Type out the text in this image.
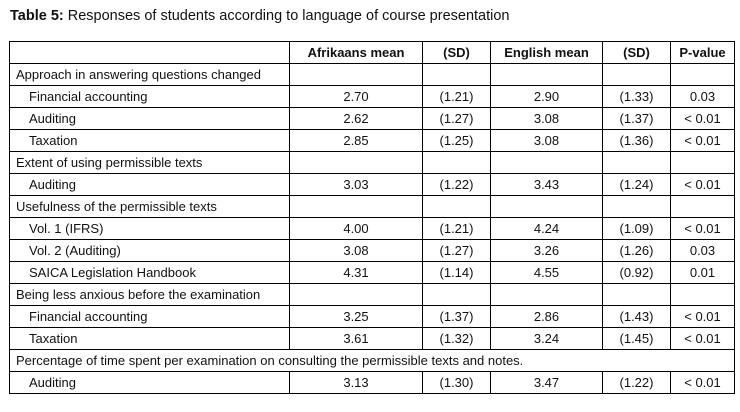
Table 5: Responses of students according to language of course presentation
	Afrikaans mean	(SD)	English mean	(SD)	P-value
Approach in answering questions changed					
Financial accounting	2.70	(1.21)	2.90	(1.33)	0.03
Auditing	2.62	(1.27)	3.08	(1.37)	< 0.01
Taxation	2.85	(1.25)	3.08	(1.36)	< 0.01
Extent of using permissible texts					
Auditing	3.03	(1.22)	3.43	(1.24)	< 0.01
Usefulness of the permissible texts					
Vol. 1 (IFRS)	4.00	(1.21)	4.24	(1.09)	< 0.01
Vol. 2 (Auditing)	3.08	(1.27)	3.26	(1.26)	0.03
SAICA Legislation Handbook	4.31	(1.14)	4.55	(0.92)	0.01
Being less anxious before the examination					
Financial accounting	3.25	(1.37)	2.86	(1.43)	< 0.01
Taxation	3.61	(1.32)	3.24	(1.45)	< 0.01
Percentage of time spent per examination on consulting the permissible texts and notes.					
Auditing	3.13	(1.30)	3.47	(1.22)	< 0.01
